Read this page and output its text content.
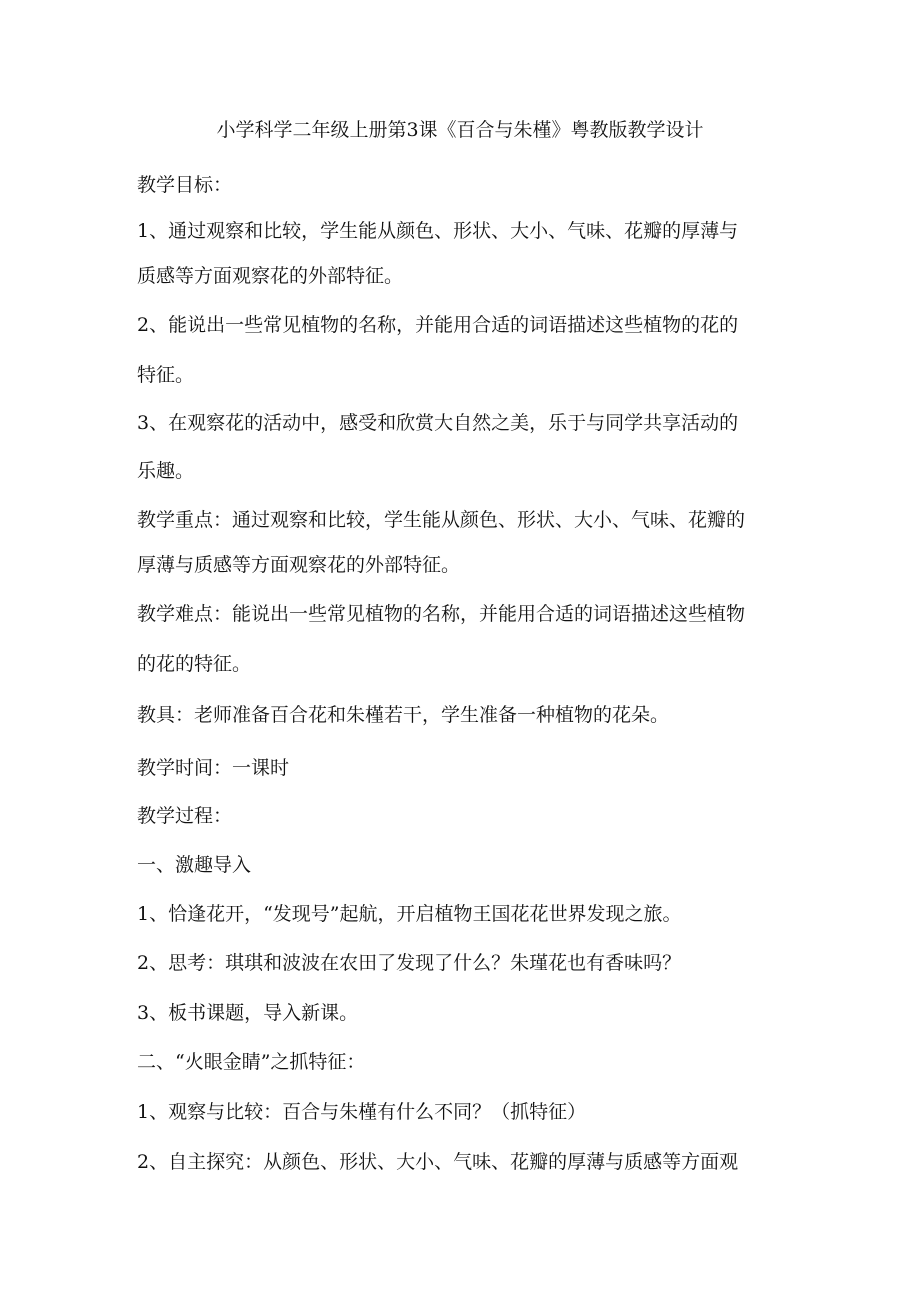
小学科学二年级上册第3课《百合与朱槿》粤教版教学设计
教学目标：
1、通过观察和比较，学生能从颜色、形状、大小、气味、花瓣的厚薄与
质感等方面观察花的外部特征。
2、能说出一些常见植物的名称，并能用合适的词语描述这些植物的花的
特征。
3、在观察花的活动中，感受和欣赏大自然之美，乐于与同学共享活动的
乐趣。
教学重点：通过观察和比较，学生能从颜色、形状、大小、气味、花瓣的
厚薄与质感等方面观察花的外部特征。
教学难点：能说出一些常见植物的名称，并能用合适的词语描述这些植物
的花的特征。
教具：老师准备百合花和朱槿若干，学生准备一种植物的花朵。
教学时间：一课时
教学过程：
一、激趣导入
1、恰逢花开，“发现号”起航，开启植物王国花花世界发现之旅。
2、思考：琪琪和波波在农田了发现了什么？朱瑾花也有香味吗？
3、板书课题，导入新课。
二、“火眼金睛”之抓特征：
1、观察与比较：百合与朱槿有什么不同？（抓特征）
2、自主探究：从颜色、形状、大小、气味、花瓣的厚薄与质感等方面观
